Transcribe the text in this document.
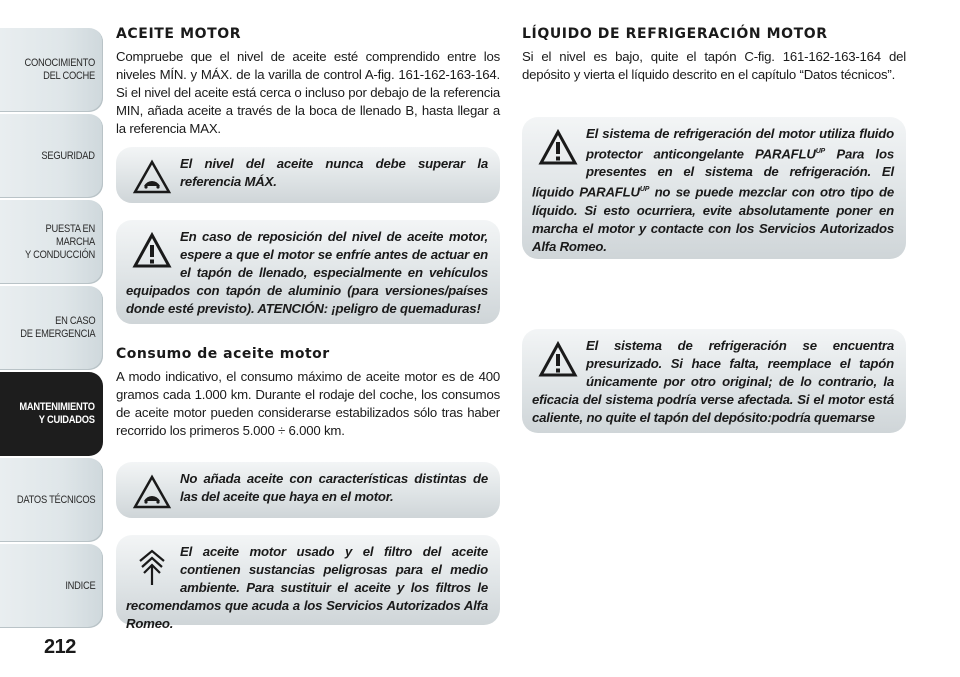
CONOCIMIENTO
DEL COCHE
SEGURIDAD
PUESTA EN MARCHA
Y CONDUCCIÓN
EN CASO
DE EMERGENCIA
MANTENIMIENTO
Y CUIDADOS
DATOS TÉCNICOS
INDICE
212
ACEITE MOTOR

Compruebe que el nivel de aceite esté comprendido entre los niveles MÍN. y MÁX. de la varilla de control A-fig. 161-162-163-164. Si el nivel del aceite está cerca o incluso por debajo de la referencia MIN, añada aceite a través de la boca de llenado B, hasta llegar a la referencia MAX.

El nivel del aceite nunca debe superar la referencia MÁX.
En caso de reposición del nivel de aceite motor, espere a que el motor se enfríe antes de actuar en el tapón de llenado, especialmente en vehículos equipados con tapón de aluminio (para versiones/países donde esté previsto). ATENCIÓN: ¡peligro de quemaduras!
Consumo de aceite motor

A modo indicativo, el consumo máximo de aceite motor es de 400 gramos cada 1.000 km. Durante el rodaje del coche, los consumos de aceite motor pueden considerarse estabilizados sólo tras haber recorrido los primeros 5.000 ÷ 6.000 km.

No añada aceite con características distintas de las del aceite que haya en el motor.
El aceite motor usado y el filtro del aceite contienen sustancias peligrosas para el medio ambiente. Para sustituir el aceite y los filtros le recomendamos que acuda a los Servicios Autorizados Alfa Romeo.
LÍQUIDO DE REFRIGERACIÓN MOTOR

Si el nivel es bajo, quite el tapón C-fig. 161-162-163-164 del depósito y vierta el líquido descrito en el capítulo “Datos técnicos”.

El sistema de refrigeración del motor utiliza fluido protector anticongelante $PARAFLU^{UP}$ Para los presentes en el sistema de refrigeración. El líquido $PARAFLU^{UP}$ no se puede mezclar con otro tipo de líquido. Si esto ocurriera, evite absolutamente poner en marcha el motor y contacte con los Servicios Autorizados Alfa Romeo.
El sistema de refrigeración se encuentra presurizado. Si hace falta, reemplace el tapón únicamente por otro original; de lo contrario, la eficacia del sistema podría verse afectada. Si el motor está caliente, no quite el tapón del depósito:podría quemarse
